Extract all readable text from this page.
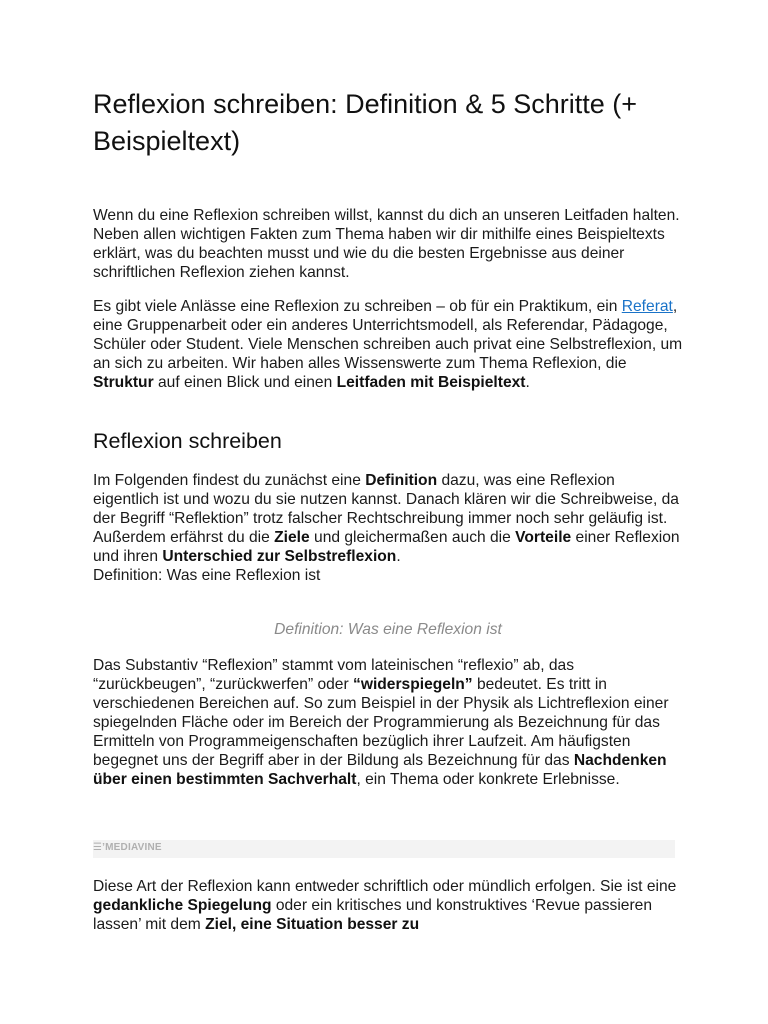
Reflexion schreiben: Definition & 5 Schritte (+ Beispieltext)

Wenn du eine Reflexion schreiben willst, kannst du dich an unseren Leitfaden halten. Neben allen wichtigen Fakten zum Thema haben wir dir mithilfe eines Beispieltexts erklärt, was du beachten musst und wie du die besten Ergebnisse aus deiner schriftlichen Reflexion ziehen kannst.

Es gibt viele Anlässe eine Reflexion zu schreiben – ob für ein Praktikum, ein Referat, eine Gruppenarbeit oder ein anderes Unterrichtsmodell, als Referendar, Pädagoge, Schüler oder Student. Viele Menschen schreiben auch privat eine Selbstreflexion, um an sich zu arbeiten. Wir haben alles Wissenswerte zum Thema Reflexion, die Struktur auf einen Blick und einen Leitfaden mit Beispieltext.

Reflexion schreiben

Im Folgenden findest du zunächst eine Definition dazu, was eine Reflexion eigentlich ist und wozu du sie nutzen kannst. Danach klären wir die Schreibweise, da der Begriff “Reflektion” trotz falscher Rechtschreibung immer noch sehr geläufig ist. Außerdem erfährst du die Ziele und gleichermaßen auch die Vorteile einer Reflexion und ihren Unterschied zur Selbstreflexion.
Definition: Was eine Reflexion ist

Definition: Was eine Reflexion ist

Das Substantiv “Reflexion” stammt vom lateinischen “reflexio” ab, das “zurückbeugen”, “zurückwerfen” oder “widerspiegeln” bedeutet. Es tritt in verschiedenen Bereichen auf. So zum Beispiel in der Physik als Lichtreflexion einer spiegelnden Fläche oder im Bereich der Programmierung als Bezeichnung für das Ermitteln von Programmeigenschaften bezüglich ihrer Laufzeit. Am häufigsten begegnet uns der Begriff aber in der Bildung als Bezeichnung für das Nachdenken über einen bestimmten Sachverhalt, ein Thema oder konkrete Erlebnisse.

☰’MEDIAVINE

Diese Art der Reflexion kann entweder schriftlich oder mündlich erfolgen. Sie ist eine gedankliche Spiegelung oder ein kritisches und konstruktives ‘Revue passieren lassen’ mit dem Ziel, eine Situation besser zu
